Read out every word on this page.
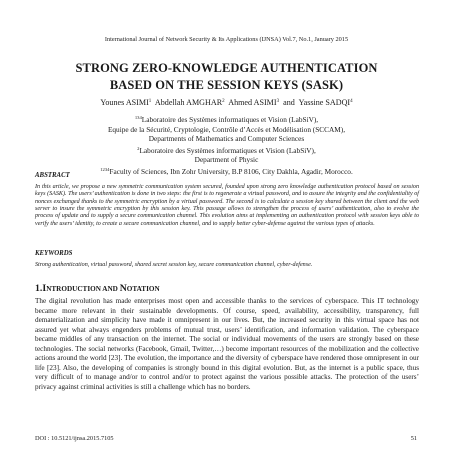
International Journal of Network Security & Its Applications (IJNSA) Vol.7, No.1, January 2015
STRONG ZERO-KNOWLEDGE AUTHENTICATION
BASED ON THE SESSION KEYS (SASK)
Younes ASIMI$^1$ Abdellah AMGHAR$^2$ Ahmed ASIMI$^3$  and  Yassine SADQI$^4$
$^{134}$Laboratoire des Systèmes informatiques et Vision (LabSiV),
Equipe de la Sécurité, Cryptologie, Contrôle d’Accès et Modélisation (SCCAM),
Departments of Mathematics and Computer Sciences
$^2$Laboratoire des Systèmes informatiques et Vision (LabSiV),
Department of Physic
$^{1234}$Faculty of Sciences, Ibn Zohr University, B.P 8106, City Dakhla, Agadir, Morocco.
ABSTRACT
In this article, we propose a new symmetric communication system secured, founded upon strong zero knowledge authentication protocol based on session keys (SASK). The users’ authentication is done in two steps: the first is to regenerate a virtual password, and to assure the integrity and the confidentiality of nonces exchanged thanks to the symmetric encryption by a virtual password. The second is to calculate a session key shared between the client and the web server to insure the symmetric encryption by this session key. This passage allows to strengthen the process of users’ authentication, also to evolve the process of update and to supply a secure communication channel. This evolution aims at implementing an authentication protocol with session keys able to verify the users’ identity, to create a secure communication channel, and to supply better cyber-defense against the various types of attacks.
KEYWORDS
Strong authentication, virtual password, shared secret session key, secure communication channel, cyber-defense.
1.INTRODUCTION AND NOTATION
The digital revolution has made enterprises most open and accessible thanks to the services of cyberspace. This IT technology became more relevant in their sustainable developments. Of course, speed, availability, accessibility, transparency, full dematerialization and simplicity have made it omnipresent in our lives. But, the increased security in this virtual space has not assured yet what always engenders problems of mutual trust, users’ identification, and information validation. The cyberspace became middles of any transaction on the internet. The social or individual movements of the users are strongly based on these technologies. The social networks (Facebook, Gmail, Twitter,…) become important resources of the mobilization and the collective actions around the world [23]. The evolution, the importance and the diversity of cyberspace have rendered those omnipresent in our life [23]. Also, the developing of companies is strongly bound in this digital evolution. But, as the internet is a public space, thus very difficult of to manage and/or to control and/or to protect against the various possible attacks. The protection of the users’ privacy against criminal activities is still a challenge which has no borders.
DOI : 10.5121/ijnsa.2015.7105	51
